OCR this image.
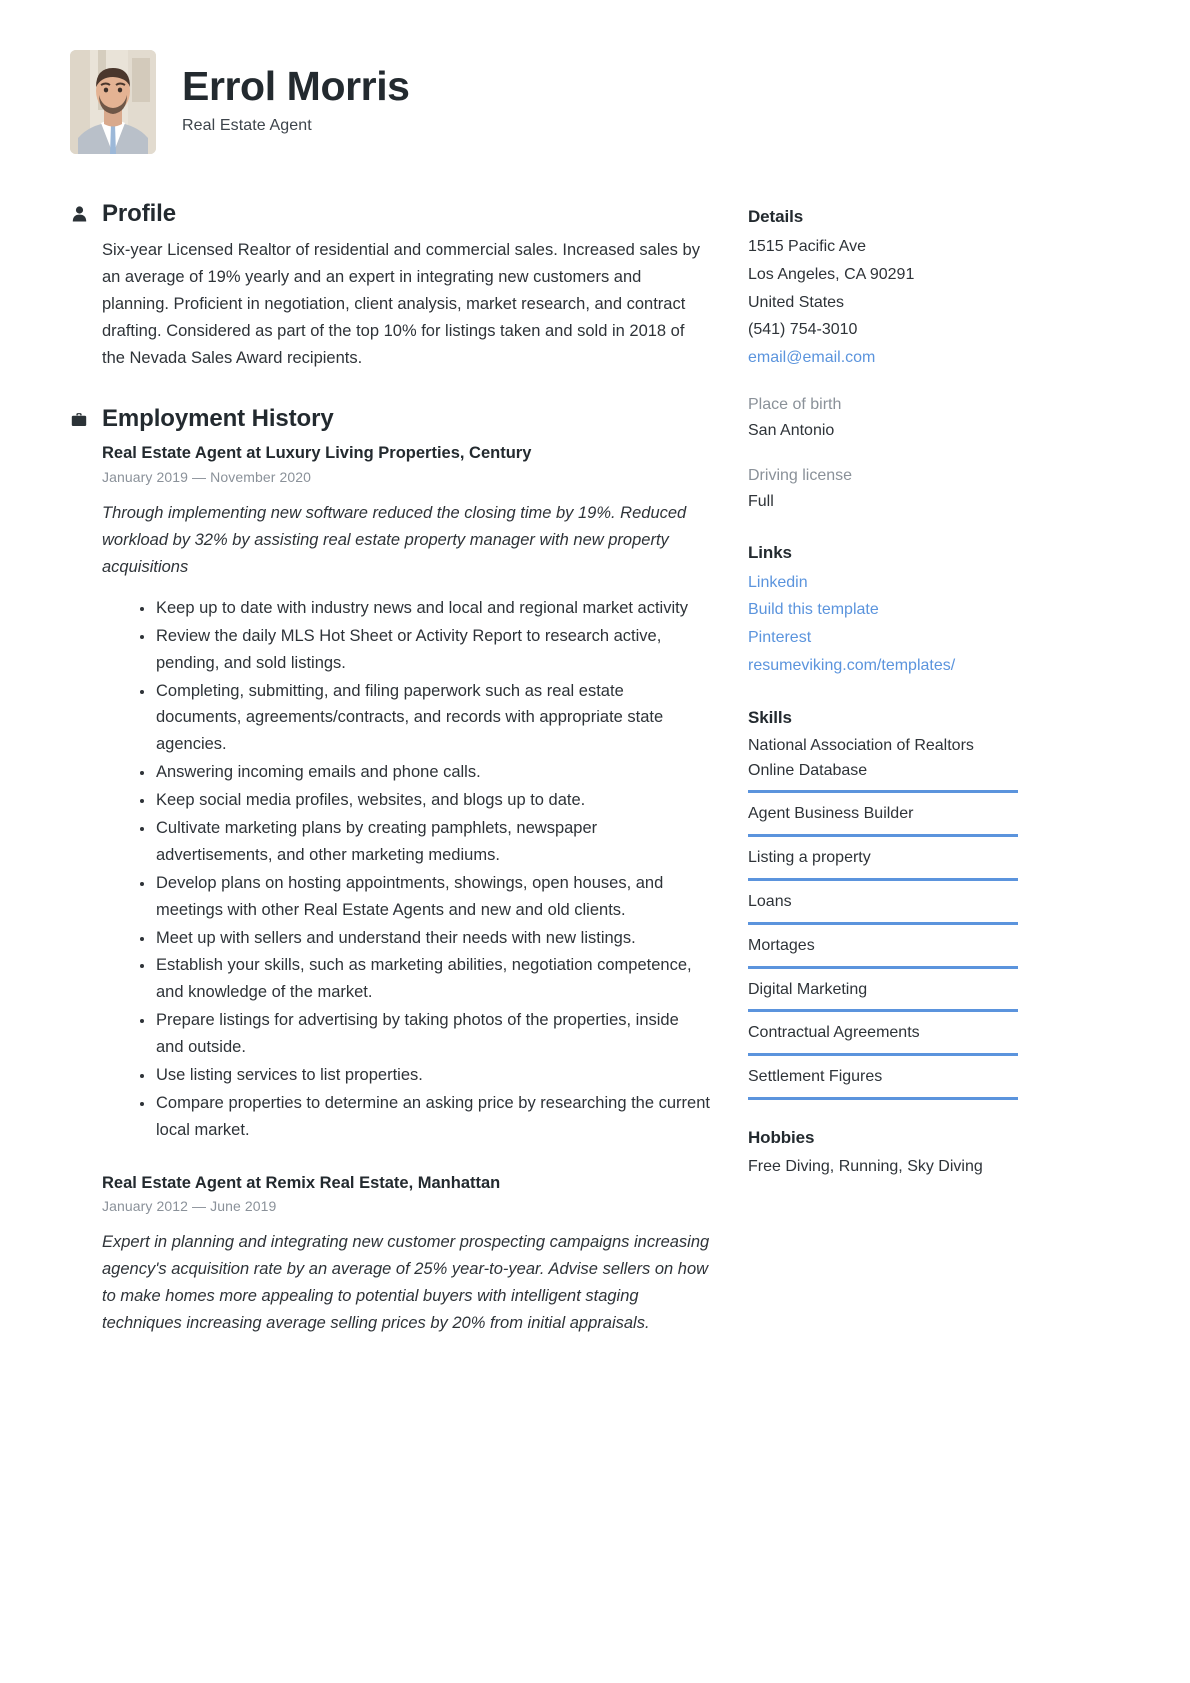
Errol Morris
Real Estate Agent
Profile

Six-year Licensed Realtor of residential and commercial sales. Increased sales by an average of 19% yearly and an expert in integrating new customers and planning. Proficient in negotiation, client analysis, market research, and contract drafting. Considered as part of the top 10% for listings taken and sold in 2018 of the Nevada Sales Award recipients.

Employment History
Real Estate Agent at Luxury Living Properties, Century
January 2019 — November 2020

Through implementing new software reduced the closing time by 19%. Reduced workload by 32% by assisting real estate property manager with new property acquisitions

Keep up to date with industry news and local and regional market activity
Review the daily MLS Hot Sheet or Activity Report to research active, pending, and sold listings.
Completing, submitting, and filing paperwork such as real estate documents, agreements/contracts, and records with appropriate state agencies.
Answering incoming emails and phone calls.
Keep social media profiles, websites, and blogs up to date.
Cultivate marketing plans by creating pamphlets, newspaper advertisements, and other marketing mediums.
Develop plans on hosting appointments, showings, open houses, and meetings with other Real Estate Agents and new and old clients.
Meet up with sellers and understand their needs with new listings.
Establish your skills, such as marketing abilities, negotiation competence, and knowledge of the market.
Prepare listings for advertising by taking photos of the properties, inside and outside.
Use listing services to list properties.
Compare properties to determine an asking price by researching the current local market.
Real Estate Agent at Remix Real Estate, Manhattan
January 2012 — June 2019

Expert in planning and integrating new customer prospecting campaigns increasing agency's acquisition rate by an average of 25% year-to-year. Advise sellers on how to make homes more appealing to potential buyers with intelligent staging techniques increasing average selling prices by 20% from initial appraisals.

Details
1515 Pacific Ave
Los Angeles, CA 90291
United States
(541) 754-3010
email@email.com
Place of birth
San Antonio
Driving license
Full
Links
Linkedin
Build this template
Pinterest
resumeviking.com/templates/
Skills
National Association of Realtors Online Database
Agent Business Builder
Listing a property
Loans
Mortages
Digital Marketing
Contractual Agreements
Settlement Figures
Hobbies
Free Diving, Running, Sky Diving
